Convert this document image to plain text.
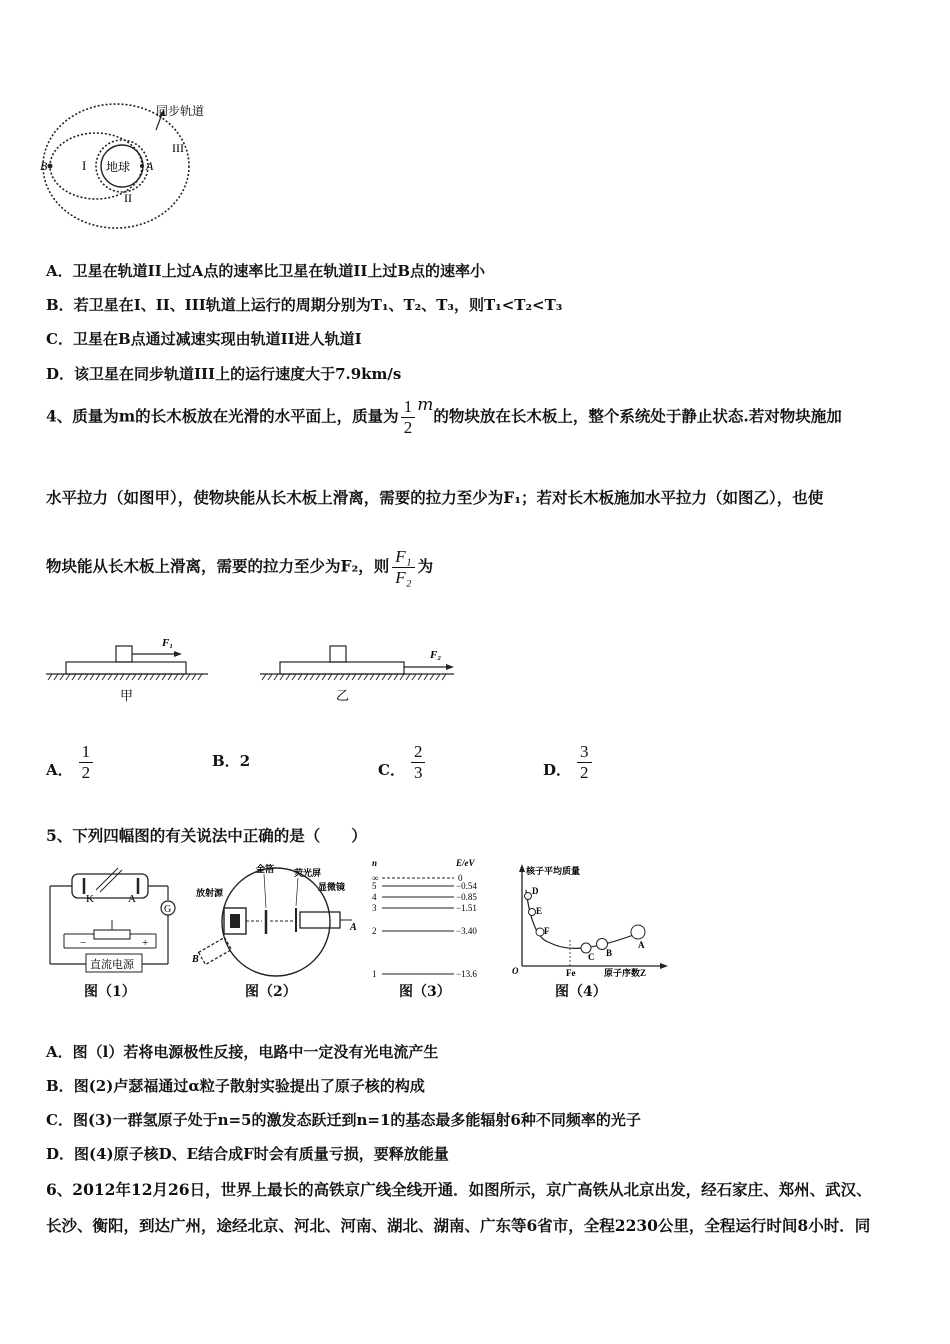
地球
B	A
I
II
III
同步轨道
A．卫星在轨道II上过A点的速率比卫星在轨道II上过B点的速率小
B．若卫星在I、II、III轨道上运行的周期分别为T₁、T₂、T₃，则T₁<T₂<T₃
C．卫星在B点通过减速实现由轨道II进人轨道I
D．该卫星在同步轨道III上的运行速度大于7.9km/s
4、质量为m的长木板放在光滑的水平面上，质量为 $\frac{1}{2}$ m的物块放在长木板上，整个系统处于静止状态.若对物块施加
水平拉力（如图甲），使物块能从长木板上滑离，需要的拉力至少为F₁；若对长木板施加水平拉力（如图乙），也使
物块能从长木板上滑离，需要的拉力至少为F₂，则 $\frac{\text{F₁}}{\text{F₂}}$ 为
F₁
甲
F₂
乙
A． $\frac{1}{2}$	B．2	C． $\frac{2}{3}$	D． $\frac{3}{2}$
5、下列四幅图的有关说法中正确的是（　　）
K	A
G
直流电源
−	+
图（1）
A
B
金箔 荧光屏
显微镜
放射源
图（2）
n	E/eV
∞	0
5	−0.54
4	−0.85
3	−1.51
2	−3.40
1	−13.6
图（3）
核子平均质量
原子序数Z
O	Fe
D
E
F
C B
A
图（4）
A．图（l）若将电源极性反接，电路中一定没有光电流产生
B．图(2)卢瑟福通过α粒子散射实验提出了原子核的构成
C．图(3)一群氢原子处于n=5的激发态跃迁到n=1的基态最多能辐射6种不同频率的光子
D．图(4)原子核D、E结合成F时会有质量亏损，要释放能量
6、2012年12月26日，世界上最长的高铁京广线全线开通．如图所示，京广高铁从北京出发，经石家庄、郑州、武汉、
长沙、衡阳，到达广州，途经北京、河北、河南、湖北、湖南、广东等6省市，全程2230公里，全程运行时间8小时．同
